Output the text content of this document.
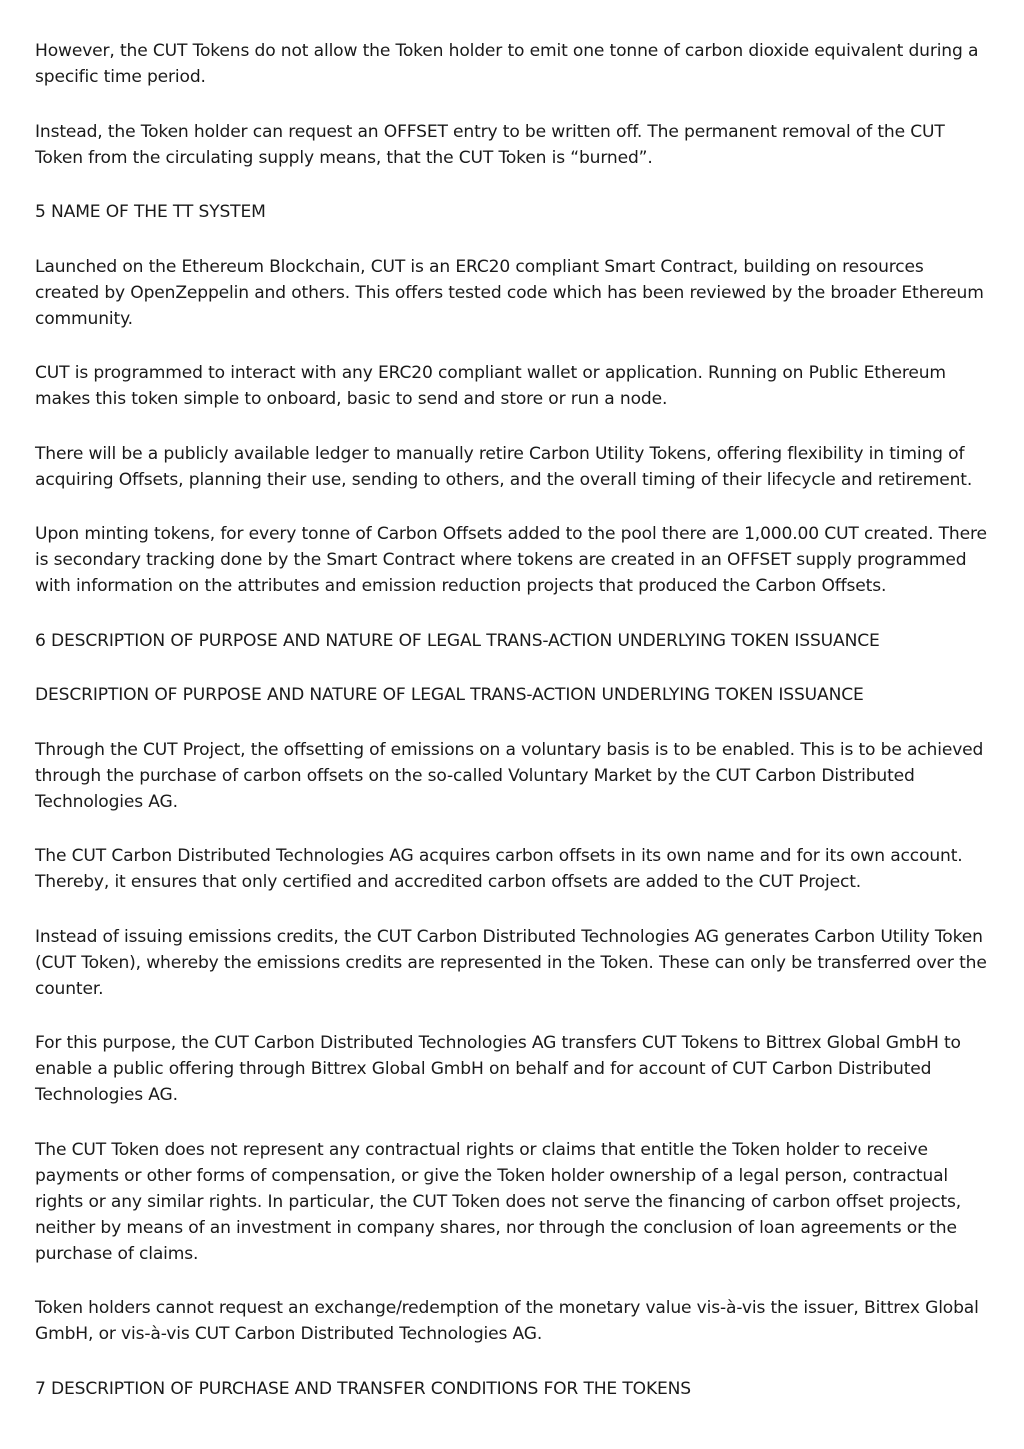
However, the CUT Tokens do not allow the Token holder to emit one tonne of carbon dioxide equivalent during a specific time period.

Instead, the Token holder can request an OFFSET entry to be written off. The permanent removal of the CUT Token from the circulating supply means, that the CUT Token is “burned”.

5 NAME OF THE TT SYSTEM

Launched on the Ethereum Blockchain, CUT is an ERC20 compliant Smart Contract, building on resources created by OpenZeppelin and others. This offers tested code which has been reviewed by the broader Ethereum community.

CUT is programmed to interact with any ERC20 compliant wallet or application. Running on Public Ethereum makes this token simple to onboard, basic to send and store or run a node.

There will be a publicly available ledger to manually retire Carbon Utility Tokens, offering flexibility in timing of acquiring Offsets, planning their use, sending to others, and the overall timing of their lifecycle and retirement.

Upon minting tokens, for every tonne of Carbon Offsets added to the pool there are 1,000.00 CUT created. There is secondary tracking done by the Smart Contract where tokens are created in an OFFSET supply programmed with information on the attributes and emission reduction projects that produced the Carbon Offsets.

6 DESCRIPTION OF PURPOSE AND NATURE OF LEGAL TRANS-ACTION UNDERLYING TOKEN ISSUANCE

DESCRIPTION OF PURPOSE AND NATURE OF LEGAL TRANS-ACTION UNDERLYING TOKEN ISSUANCE

Through the CUT Project, the offsetting of emissions on a voluntary basis is to be enabled. This is to be achieved through the purchase of carbon offsets on the so-called Voluntary Market by the CUT Carbon Distributed Technologies AG.

The CUT Carbon Distributed Technologies AG acquires carbon offsets in its own name and for its own account. Thereby, it ensures that only certified and accredited carbon offsets are added to the CUT Project.

Instead of issuing emissions credits, the CUT Carbon Distributed Technologies AG generates Carbon Utility Token (CUT Token), whereby the emissions credits are represented in the Token. These can only be transferred over the counter.

For this purpose, the CUT Carbon Distributed Technologies AG transfers CUT Tokens to Bittrex Global GmbH to enable a public offering through Bittrex Global GmbH on behalf and for account of CUT Carbon Distributed Technologies AG.

The CUT Token does not represent any contractual rights or claims that entitle the Token holder to receive payments or other forms of compensation, or give the Token holder ownership of a legal person, contractual rights or any similar rights. In particular, the CUT Token does not serve the financing of carbon offset projects, neither by means of an investment in company shares, nor through the conclusion of loan agreements or the purchase of claims.

Token holders cannot request an exchange/redemption of the monetary value vis-à-vis the issuer, Bittrex Global GmbH, or vis-à-vis CUT Carbon Distributed Technologies AG.

7 DESCRIPTION OF PURCHASE AND TRANSFER CONDITIONS FOR THE TOKENS
